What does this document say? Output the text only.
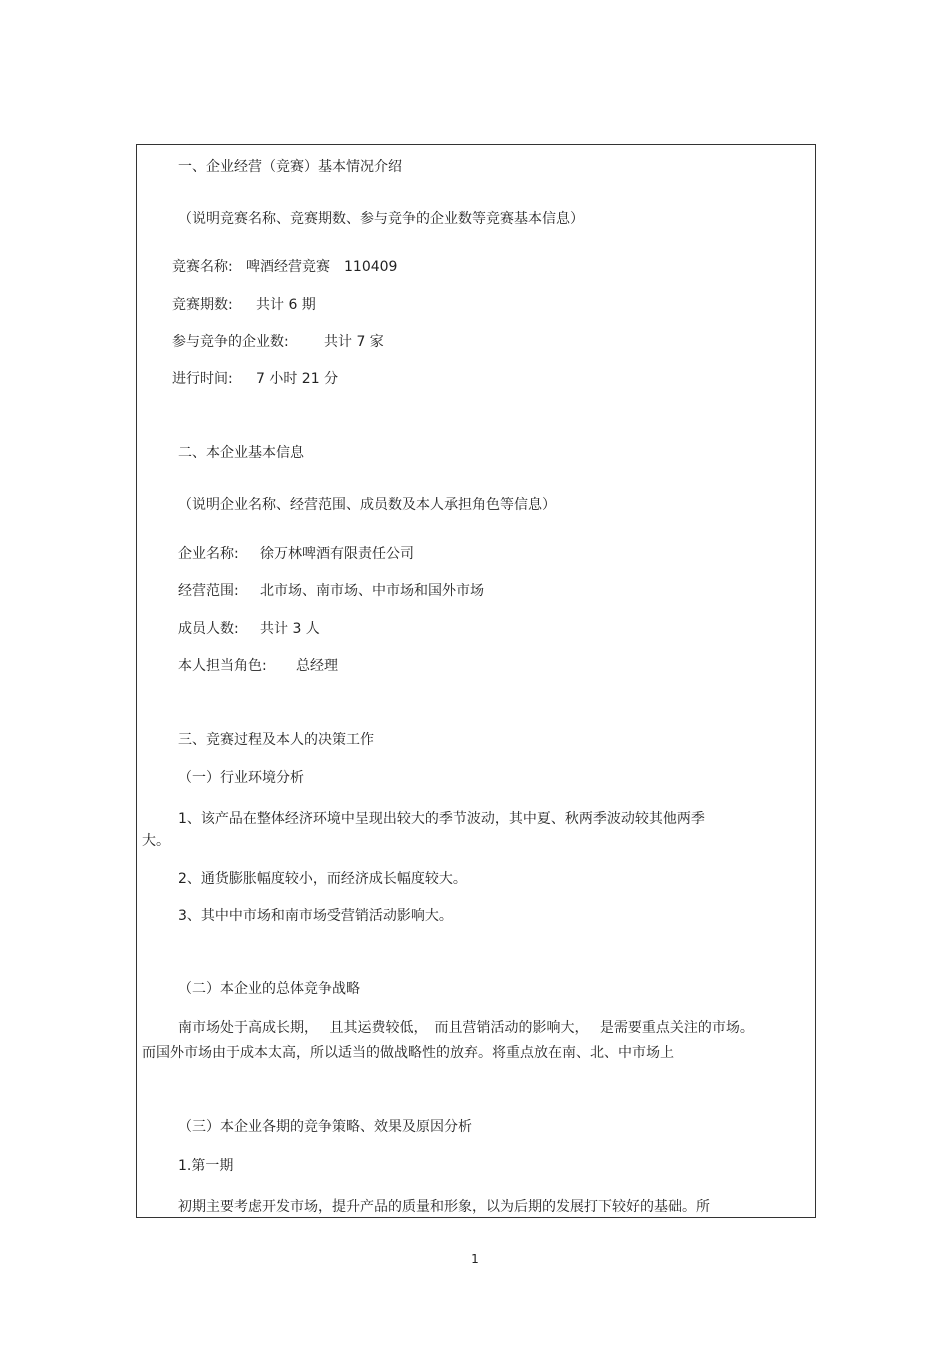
一、企业经营（竞赛）基本情况介绍
（说明竞赛名称、竞赛期数、参与竞争的企业数等竞赛基本信息）
竞赛名称: 啤酒经营竞赛　110409
竞赛期数: 共计 6 期
参与竞争的企业数:	共计 7 家
进行时间: 7 小时 21 分
二、本企业基本信息
（说明企业名称、经营范围、成员数及本人承担角色等信息）
企业名称: 徐万林啤酒有限责任公司
经营范围: 北市场、南市场、中市场和国外市场
成员人数: 共计 3 人
本人担当角色: 总经理
三、竞赛过程及本人的决策工作
（一）行业环境分析
1、该产品在整体经济环境中呈现出较大的季节波动，其中夏、秋两季波动较其他两季
大。
2、通货膨胀幅度较小，而经济成长幅度较大。
3、其中中市场和南市场受营销活动影响大。
（二）本企业的总体竞争战略
南市场处于高成长期，　 且其运费较低，　而且营销活动的影响大，　 是需要重点关注的市场。
而国外市场由于成本太高，所以适当的做战略性的放弃。将重点放在南、北、中市场上
（三）本企业各期的竞争策略、效果及原因分析
1.第一期
初期主要考虑开发市场，提升产品的质量和形象，以为后期的发展打下较好的基础。所
1
